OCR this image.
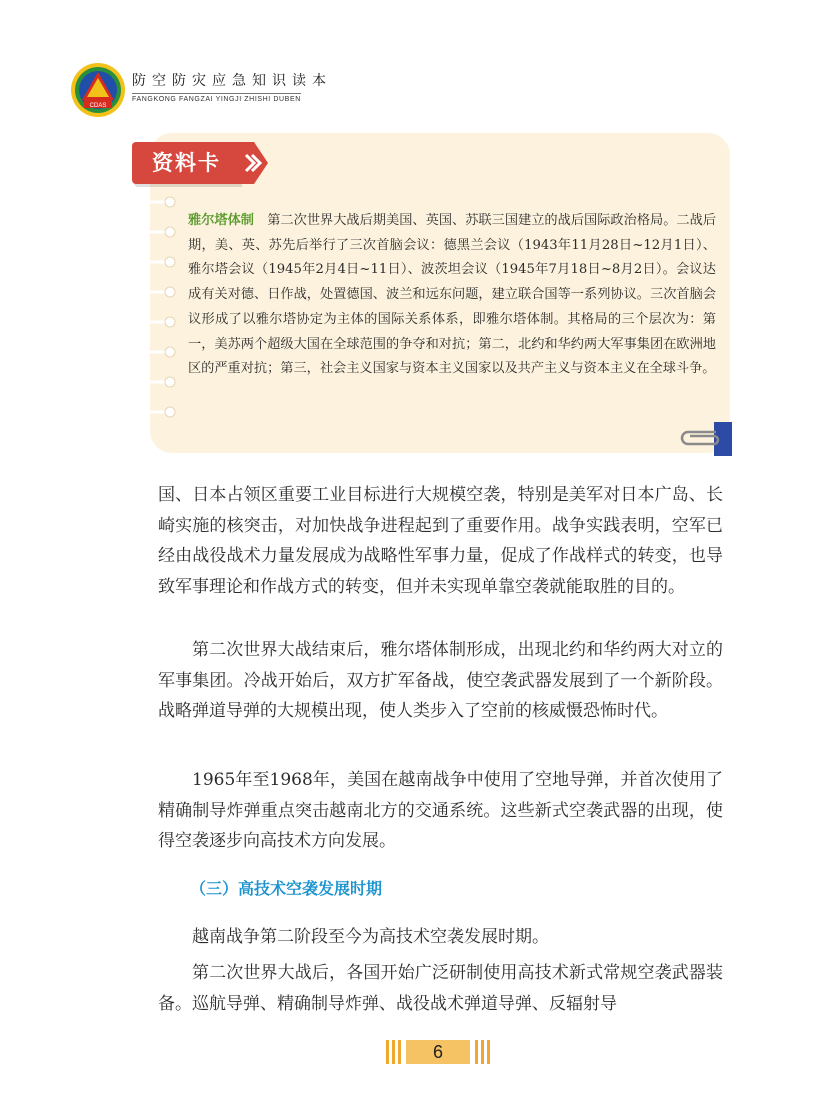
CDAS
防空防灾应急知识读本
FANGKONG FANGZAI YINGJI ZHISHI DUBEN
资料卡
雅尔塔体制　 第二次世界大战后期美国、英国、苏联三国建立的战后国际政治格局。二战后期，美、英、苏先后举行了三次首脑会议：德黑兰会议（1943年11月28日~12月1日）、雅尔塔会议（1945年2月4日~11日）、波茨坦会议（1945年7月18日~8月2日）。会议达成有关对德、日作战，处置德国、波兰和远东问题，建立联合国等一系列协议。三次首脑会议形成了以雅尔塔协定为主体的国际关系体系，即雅尔塔体制。其格局的三个层次为：第一，美苏两个超级大国在全球范围的争夺和对抗；第二，北约和华约两大军事集团在欧洲地区的严重对抗；第三，社会主义国家与资本主义国家以及共产主义与资本主义在全球斗争。

国、日本占领区重要工业目标进行大规模空袭，特别是美军对日本广岛、长崎实施的核突击，对加快战争进程起到了重要作用。战争实践表明，空军已经由战役战术力量发展成为战略性军事力量，促成了作战样式的转变，也导致军事理论和作战方式的转变，但并未实现单靠空袭就能取胜的目的。

第二次世界大战结束后，雅尔塔体制形成，出现北约和华约两大对立的军事集团。冷战开始后，双方扩军备战，使空袭武器发展到了一个新阶段。战略弹道导弹的大规模出现，使人类步入了空前的核威慑恐怖时代。

1965年至1968年，美国在越南战争中使用了空地导弹，并首次使用了精确制导炸弹重点突击越南北方的交通系统。这些新式空袭武器的出现，使得空袭逐步向高技术方向发展。

（三）高技术空袭发展时期

越南战争第二阶段至今为高技术空袭发展时期。

第二次世界大战后，各国开始广泛研制使用高技术新式常规空袭武器装备。巡航导弹、精确制导炸弹、战役战术弹道导弹、反辐射导

6
